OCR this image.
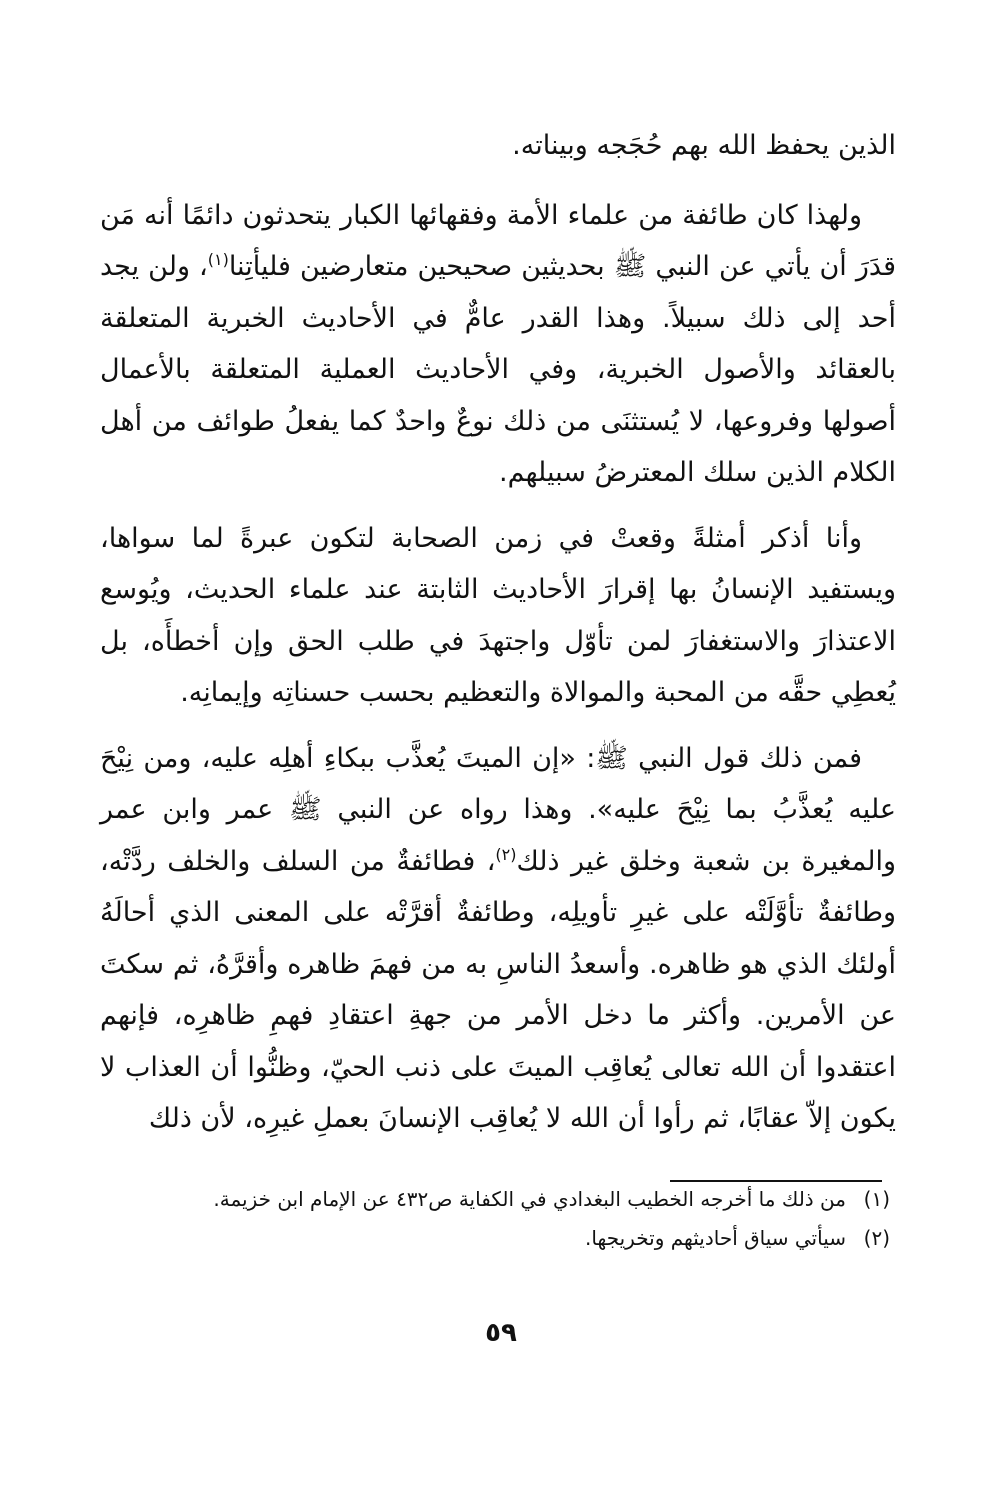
الذين يحفظ الله بهم حُجَجه وبيناته.

ولهذا كان طائفة من علماء الأمة وفقهائها الكبار يتحدثون دائمًا أنه مَن قدَرَ أن يأتي عن النبي ﷺ بحديثين صحيحين متعارضين فليأتِنا$^{(١)}$، ولن يجد أحد إلى ذلك سبيلاً. وهذا القدر عامٌّ في الأحاديث الخبرية المتعلقة بالعقائد والأصول الخبرية، وفي الأحاديث العملية المتعلقة بالأعمال أصولها وفروعها، لا يُستثنَى من ذلك نوعٌ واحدٌ كما يفعلُ طوائف من أهل الكلام الذين سلك المعترضُ سبيلهم.

وأنا أذكر أمثلةً وقعتْ في زمن الصحابة لتكون عبرةً لما سواها، ويستفيد الإنسانُ بها إقرارَ الأحاديث الثابتة عند علماء الحديث، ويُوسع الاعتذارَ والاستغفارَ لمن تأوّل واجتهدَ في طلب الحق وإن أخطأَه، بل يُعطِي حقَّه من المحبة والموالاة والتعظيم بحسب حسناتِه وإيمانِه.

فمن ذلك قول النبي ﷺ: «إن الميتَ يُعذَّب ببكاءِ أهلِه عليه، ومن نِيْحَ عليه يُعذَّبُ بما نِيْحَ عليه». وهذا رواه عن النبي ﷺ عمر وابن عمر والمغيرة بن شعبة وخلق غير ذلك$^{(٢)}$، فطائفةٌ من السلف والخلف ردَّتْه، وطائفةٌ تأوَّلَتْه على غيرِ تأويلِه، وطائفةٌ أقرَّتْه على المعنى الذي أحالَهُ أولئك الذي هو ظاهره. وأسعدُ الناسِ به من فهمَ ظاهره وأقرَّهُ، ثم سكتَ عن الأمرين. وأكثر ما دخل الأمر من جهةِ اعتقادِ فهمِ ظاهرِه، فإنهم اعتقدوا أن الله تعالى يُعاقِب الميتَ على ذنب الحيّ، وظنُّوا أن العذاب لا يكون إلاّ عقابًا، ثم رأوا أن الله لا يُعاقِب الإنسانَ بعملِ غيرِه، لأن ذلك

(١)
من ذلك ما أخرجه الخطيب البغدادي في الكفاية ص٤٣٢ عن الإمام ابن خزيمة.
(٢)
سيأتي سياق أحاديثهم وتخريجها.
٥٩
